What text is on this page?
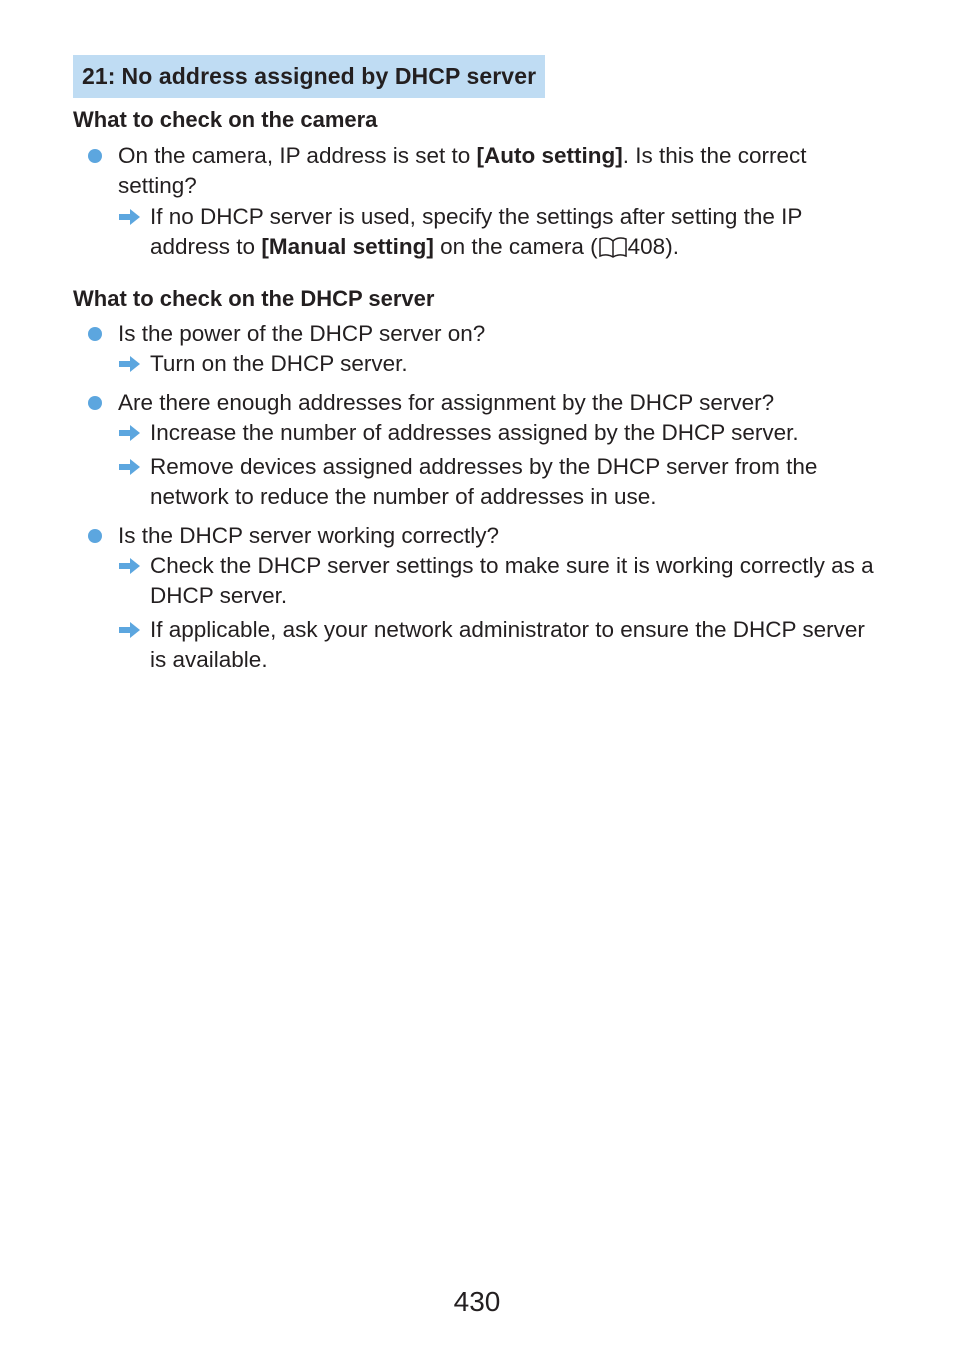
21: No address assigned by DHCP server
What to check on the camera
On the camera, IP address is set to [Auto setting]. Is this the correct setting?
If no DHCP server is used, specify the settings after setting the IP address to [Manual setting] on the camera ( 408).
What to check on the DHCP server
Is the power of the DHCP server on?
Turn on the DHCP server.
Are there enough addresses for assignment by the DHCP server?
Increase the number of addresses assigned by the DHCP server.
Remove devices assigned addresses by the DHCP server from the network to reduce the number of addresses in use.
Is the DHCP server working correctly?
Check the DHCP server settings to make sure it is working correctly as a DHCP server.
If applicable, ask your network administrator to ensure the DHCP server is available.
430
